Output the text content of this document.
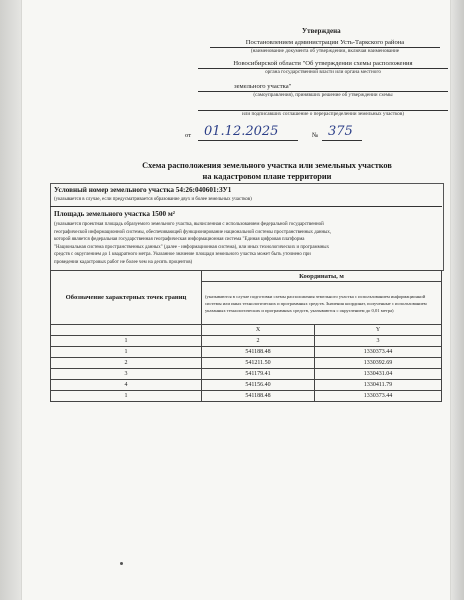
Утверждена
Постановлением администрации Усть-Таркского района
(наименование документа об утверждении, включая наименование
Новосибирской области "Об утверждении схемы расположения
органа государственной власти или органа местного
земельного участка"
(самоуправления), принявших решение об утверждении схемы
или подписавших соглашение о перераспределении земельных участков)
от 01.12.2025	№ 375
Схема расположения земельного участка или земельных участков
на кадастровом плане территории
Условный номер земельного участка 54:26:040601:ЗУ1
(указывается в случае, если предусматривается образование двух и более земельных участков)
Площадь земельного участка 1500 м²
(указывается проектная площадь образуемого земельного участка, вычисленная с использованием федеральной государственной
географической информационной системы, обеспечивающей функционирование национальной системы пространственных данных,
которой является федеральная государственная географическая информационная система "Единая цифровая платформа
"Национальная система пространственных данных" (далее - информационная система), или иных технологических и программных
средств с округлением до 1 квадратного метра. Указанное значение площади земельного участка может быть уточнено при
проведении кадастровых работ не более чем на десять процентов)
Обозначение характерных точек границ	Координаты, м	
	(указываются в случае подготовки схемы расположения земельного участка с использованием информационной системы или иных технологических и программных средств. Значения координат, полученные с использованием указанных технологических и программных средств, указываются с округлением до 0,01 метра)	
	X	Y
1	2	3
1	541188.48	1330373.44
2	541211.50	1330392.69
3	541179.41	1330431.04
4	541156.40	1330411.79
1	541188.48	1330373.44
